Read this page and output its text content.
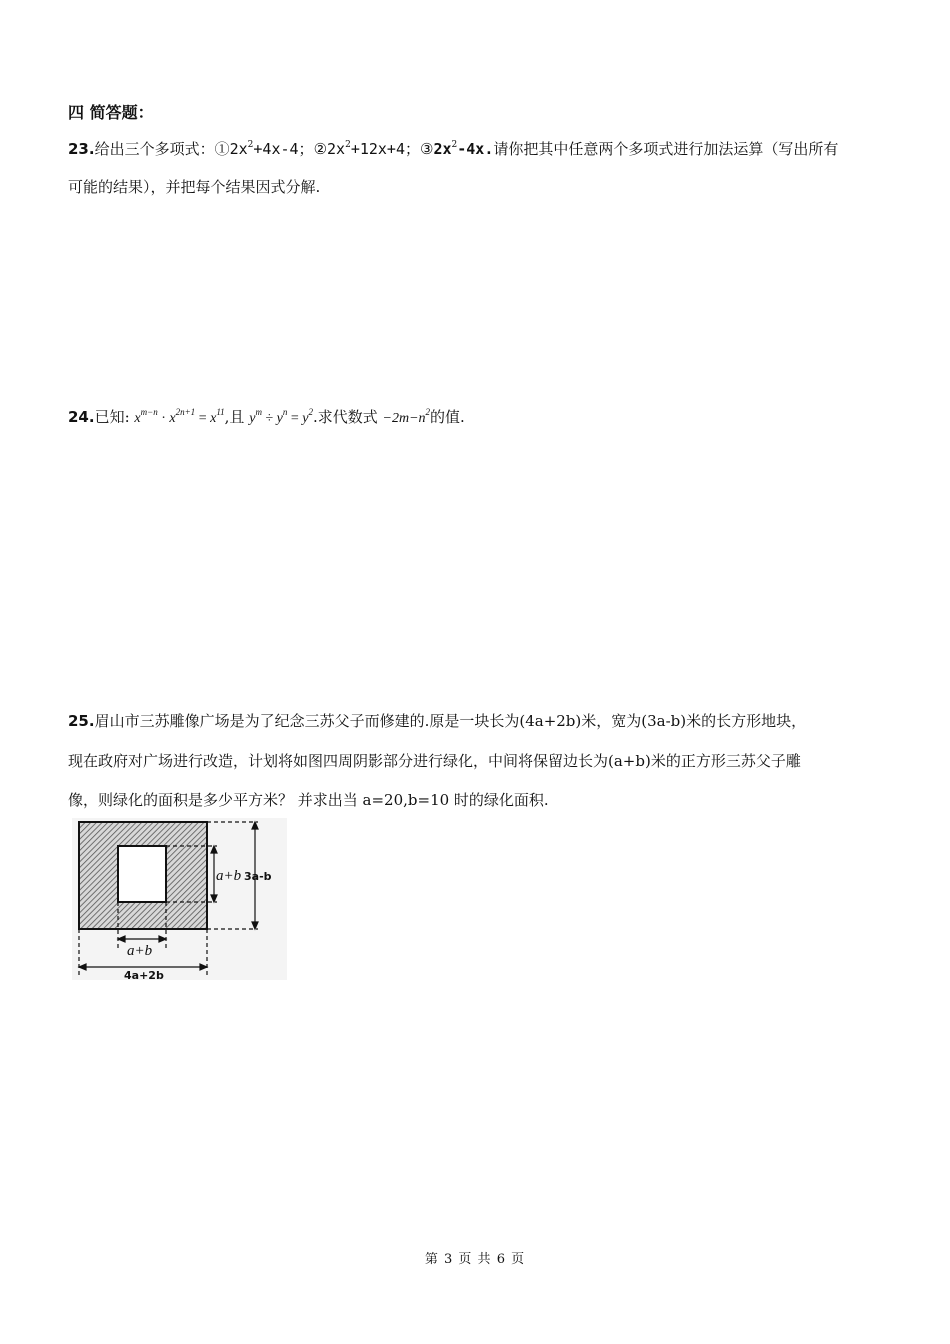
四 简答题：
23.给出三个多项式：$①2x^2+4x-4$；$②2x^2+12x+4$；$③2x^2-4x$.请你把其中任意两个多项式进行加法运算（写出所有
可能的结果），并把每个结果因式分解.
24.已知: $x^{m-n} \cdot x^{2n+1} = x^{11}$,且 $y^m \div y^n = y^2$.求代数式 $-2m-n^2$的值.
25.眉山市三苏雕像广场是为了纪念三苏父子而修建的.原是一块长为(4a+2b)米，宽为(3a-b)米的长方形地块，
现在政府对广场进行改造，计划将如图四周阴影部分进行绿化，中间将保留边长为(a+b)米的正方形三苏父子雕
像，则绿化的面积是多少平方米？ 并求出当 a=20,b=10 时的绿化面积.
a+b 3a-b
a+b
4a+2b
第 3 页 共 6 页
